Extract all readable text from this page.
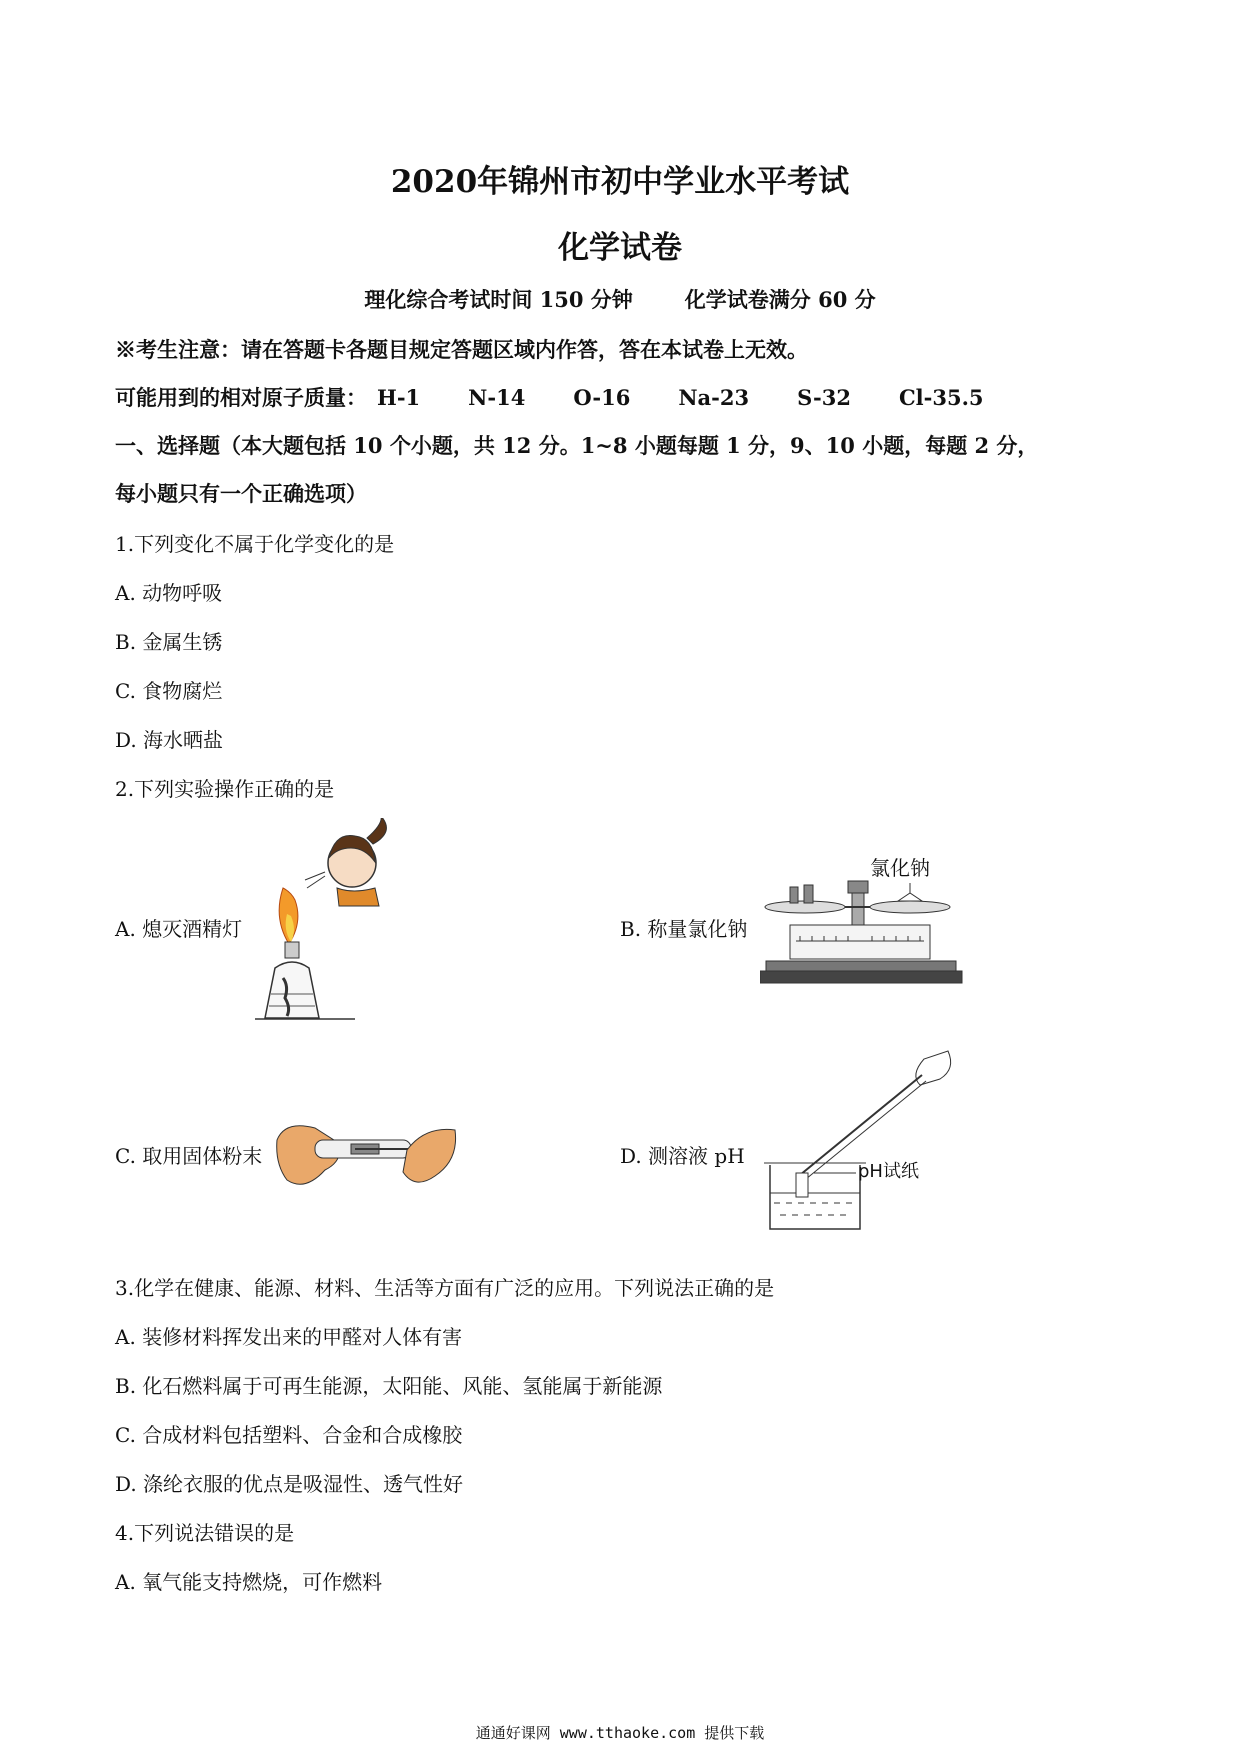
2020年锦州市初中学业水平考试
化学试卷
理化综合考试时间 150 分钟 化学试卷满分 60 分
※考生注意：请在答题卡各题目规定答题区域内作答，答在本试卷上无效。
可能用到的相对原子质量： H-1 N-14 O-16 Na-23 S-32 Cl-35.5
一、选择题（本大题包括 10 个小题，共 12 分。1~8 小题每题 1 分，9、10 小题，每题 2 分，
每小题只有一个正确选项）
1.下列变化不属于化学变化的是
A. 动物呼吸
B. 金属生锈
C. 食物腐烂
D. 海水晒盐
2.下列实验操作正确的是
A. 熄灭酒精灯	B. 称量氯化钠
C. 取用固体粉末	D. 测溶液 pH
氯化钠
pH试纸
3.化学在健康、能源、材料、生活等方面有广泛的应用。下列说法正确的是
A. 装修材料挥发出来的甲醛对人体有害
B. 化石燃料属于可再生能源，太阳能、风能、氢能属于新能源
C. 合成材料包括塑料、合金和合成橡胶
D. 涤纶衣服的优点是吸湿性、透气性好
4.下列说法错误的是
A. 氧气能支持燃烧，可作燃料
通通好课网 www.tthaoke.com 提供下载
